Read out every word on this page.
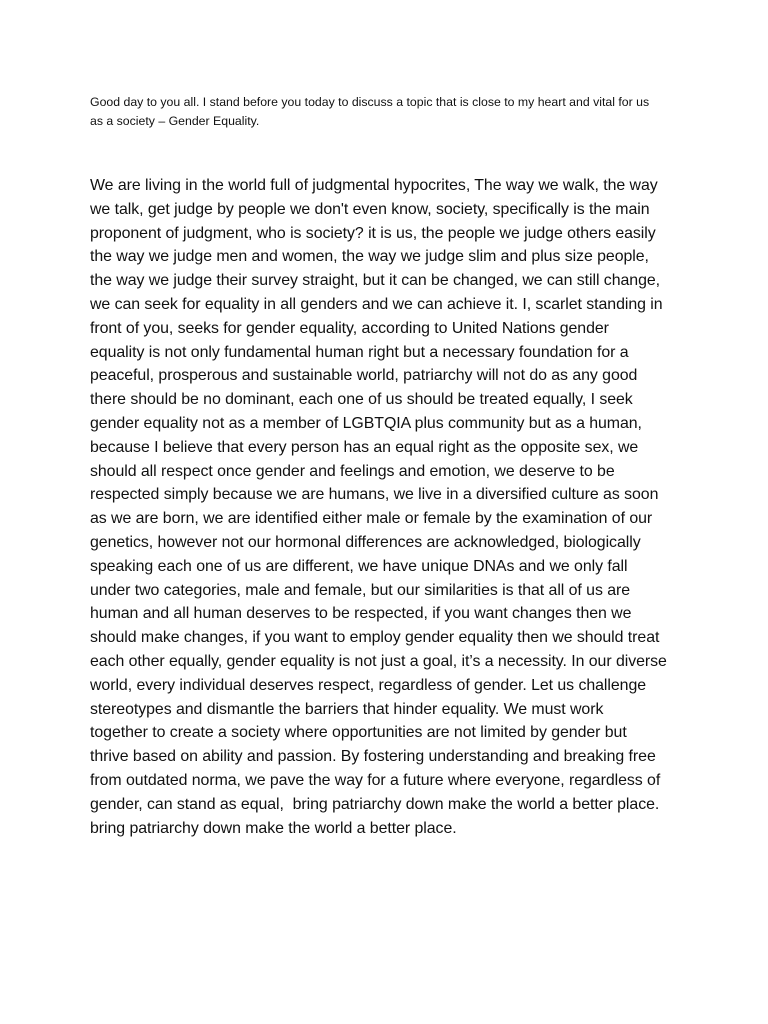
Good day to you all. I stand before you today to discuss a topic that is close to my heart and vital for us
as a society – Gender Equality.

We are living in the world full of judgmental hypocrites, The way we walk, the way
we talk, get judge by people we don't even know, society, specifically is the main
proponent of judgment, who is society? it is us, the people we judge others easily
the way we judge men and women, the way we judge slim and plus size people,
the way we judge their survey straight, but it can be changed, we can still change,
we can seek for equality in all genders and we can achieve it. I, scarlet standing in
front of you, seeks for gender equality, according to United Nations gender
equality is not only fundamental human right but a necessary foundation for a
peaceful, prosperous and sustainable world, patriarchy will not do as any good
there should be no dominant, each one of us should be treated equally, I seek
gender equality not as a member of LGBTQIA plus community but as a human,
because I believe that every person has an equal right as the opposite sex, we
should all respect once gender and feelings and emotion, we deserve to be
respected simply because we are humans, we live in a diversified culture as soon
as we are born, we are identified either male or female by the examination of our
genetics, however not our hormonal differences are acknowledged, biologically
speaking each one of us are different, we have unique DNAs and we only fall
under two categories, male and female, but our similarities is that all of us are
human and all human deserves to be respected, if you want changes then we
should make changes, if you want to employ gender equality then we should treat
each other equally, gender equality is not just a goal, it’s a necessity. In our diverse
world, every individual deserves respect, regardless of gender. Let us challenge
stereotypes and dismantle the barriers that hinder equality. We must work
together to create a society where opportunities are not limited by gender but
thrive based on ability and passion. By fostering understanding and breaking free
from outdated norma, we pave the way for a future where everyone, regardless of
gender, can stand as equal,  bring patriarchy down make the world a better place.
bring patriarchy down make the world a better place.
